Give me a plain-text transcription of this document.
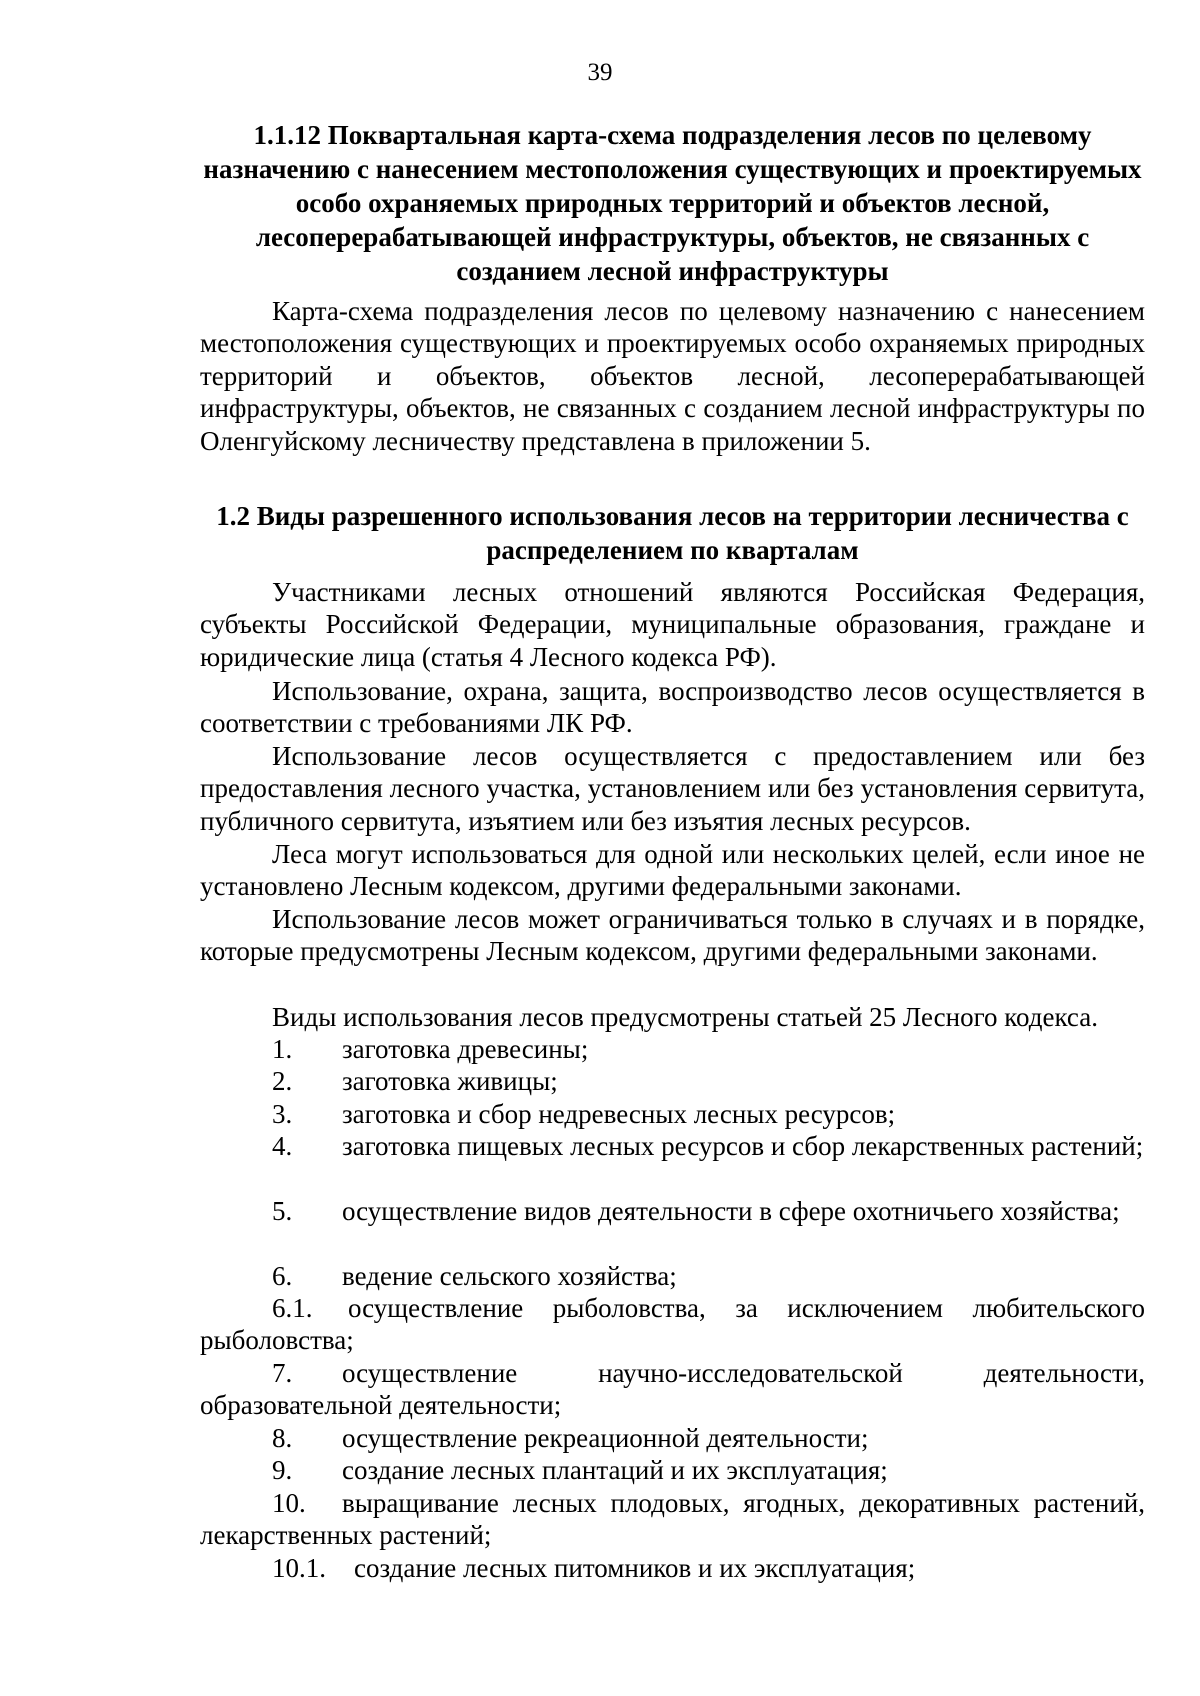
39
1.1.12 Поквартальная карта-схема подразделения лесов по целевому назначению с нанесением местоположения существующих и проектируемых особо охраняемых природных территорий и объектов лесной, лесоперерабатывающей инфраструктуры, объектов, не связанных с созданием лесной инфраструктуры

Карта-схема подразделения лесов по целевому назначению с нанесением местоположения существующих и проектируемых особо охраняемых природных территорий и объектов, объектов лесной, лесоперерабатывающей инфраструктуры, объектов, не связанных с созданием лесной инфраструктуры по Оленгуйскому лесничеству представлена в приложении 5.

1.2 Виды разрешенного использования лесов на территории лесничества с распределением по кварталам

Участниками лесных отношений являются Российская Федерация, субъекты Российской Федерации, муниципальные образования, граждане и юридические лица (статья 4 Лесного кодекса РФ).

Использование, охрана, защита, воспроизводство лесов осуществляется в соответствии с требованиями ЛК РФ.

Использование лесов осуществляется с предоставлением или без предоставления лесного участка, установлением или без установления сервитута, публичного сервитута, изъятием или без изъятия лесных ресурсов.

Леса могут использоваться для одной или нескольких целей, если иное не установлено Лесным кодексом, другими федеральными законами.

Использование лесов может ограничиваться только в случаях и в порядке, которые предусмотрены Лесным кодексом, другими федеральными законами.

Виды использования лесов предусмотрены статьей 25 Лесного кодекса.

1. заготовка древесины;

2. заготовка живицы;

3. заготовка и сбор недревесных лесных ресурсов;

4. заготовка пищевых лесных ресурсов и сбор лекарственных растений;

5. осуществление видов деятельности в сфере охотничьего хозяйства;

6. ведение сельского хозяйства;

6.1. осуществление рыболовства, за исключением любительского рыболовства;

7. осуществление научно-исследовательской деятельности, образовательной деятельности;

8. осуществление рекреационной деятельности;

9. создание лесных плантаций и их эксплуатация;

10. выращивание лесных плодовых, ягодных, декоративных растений, лекарственных растений;

10.1. создание лесных питомников и их эксплуатация;
